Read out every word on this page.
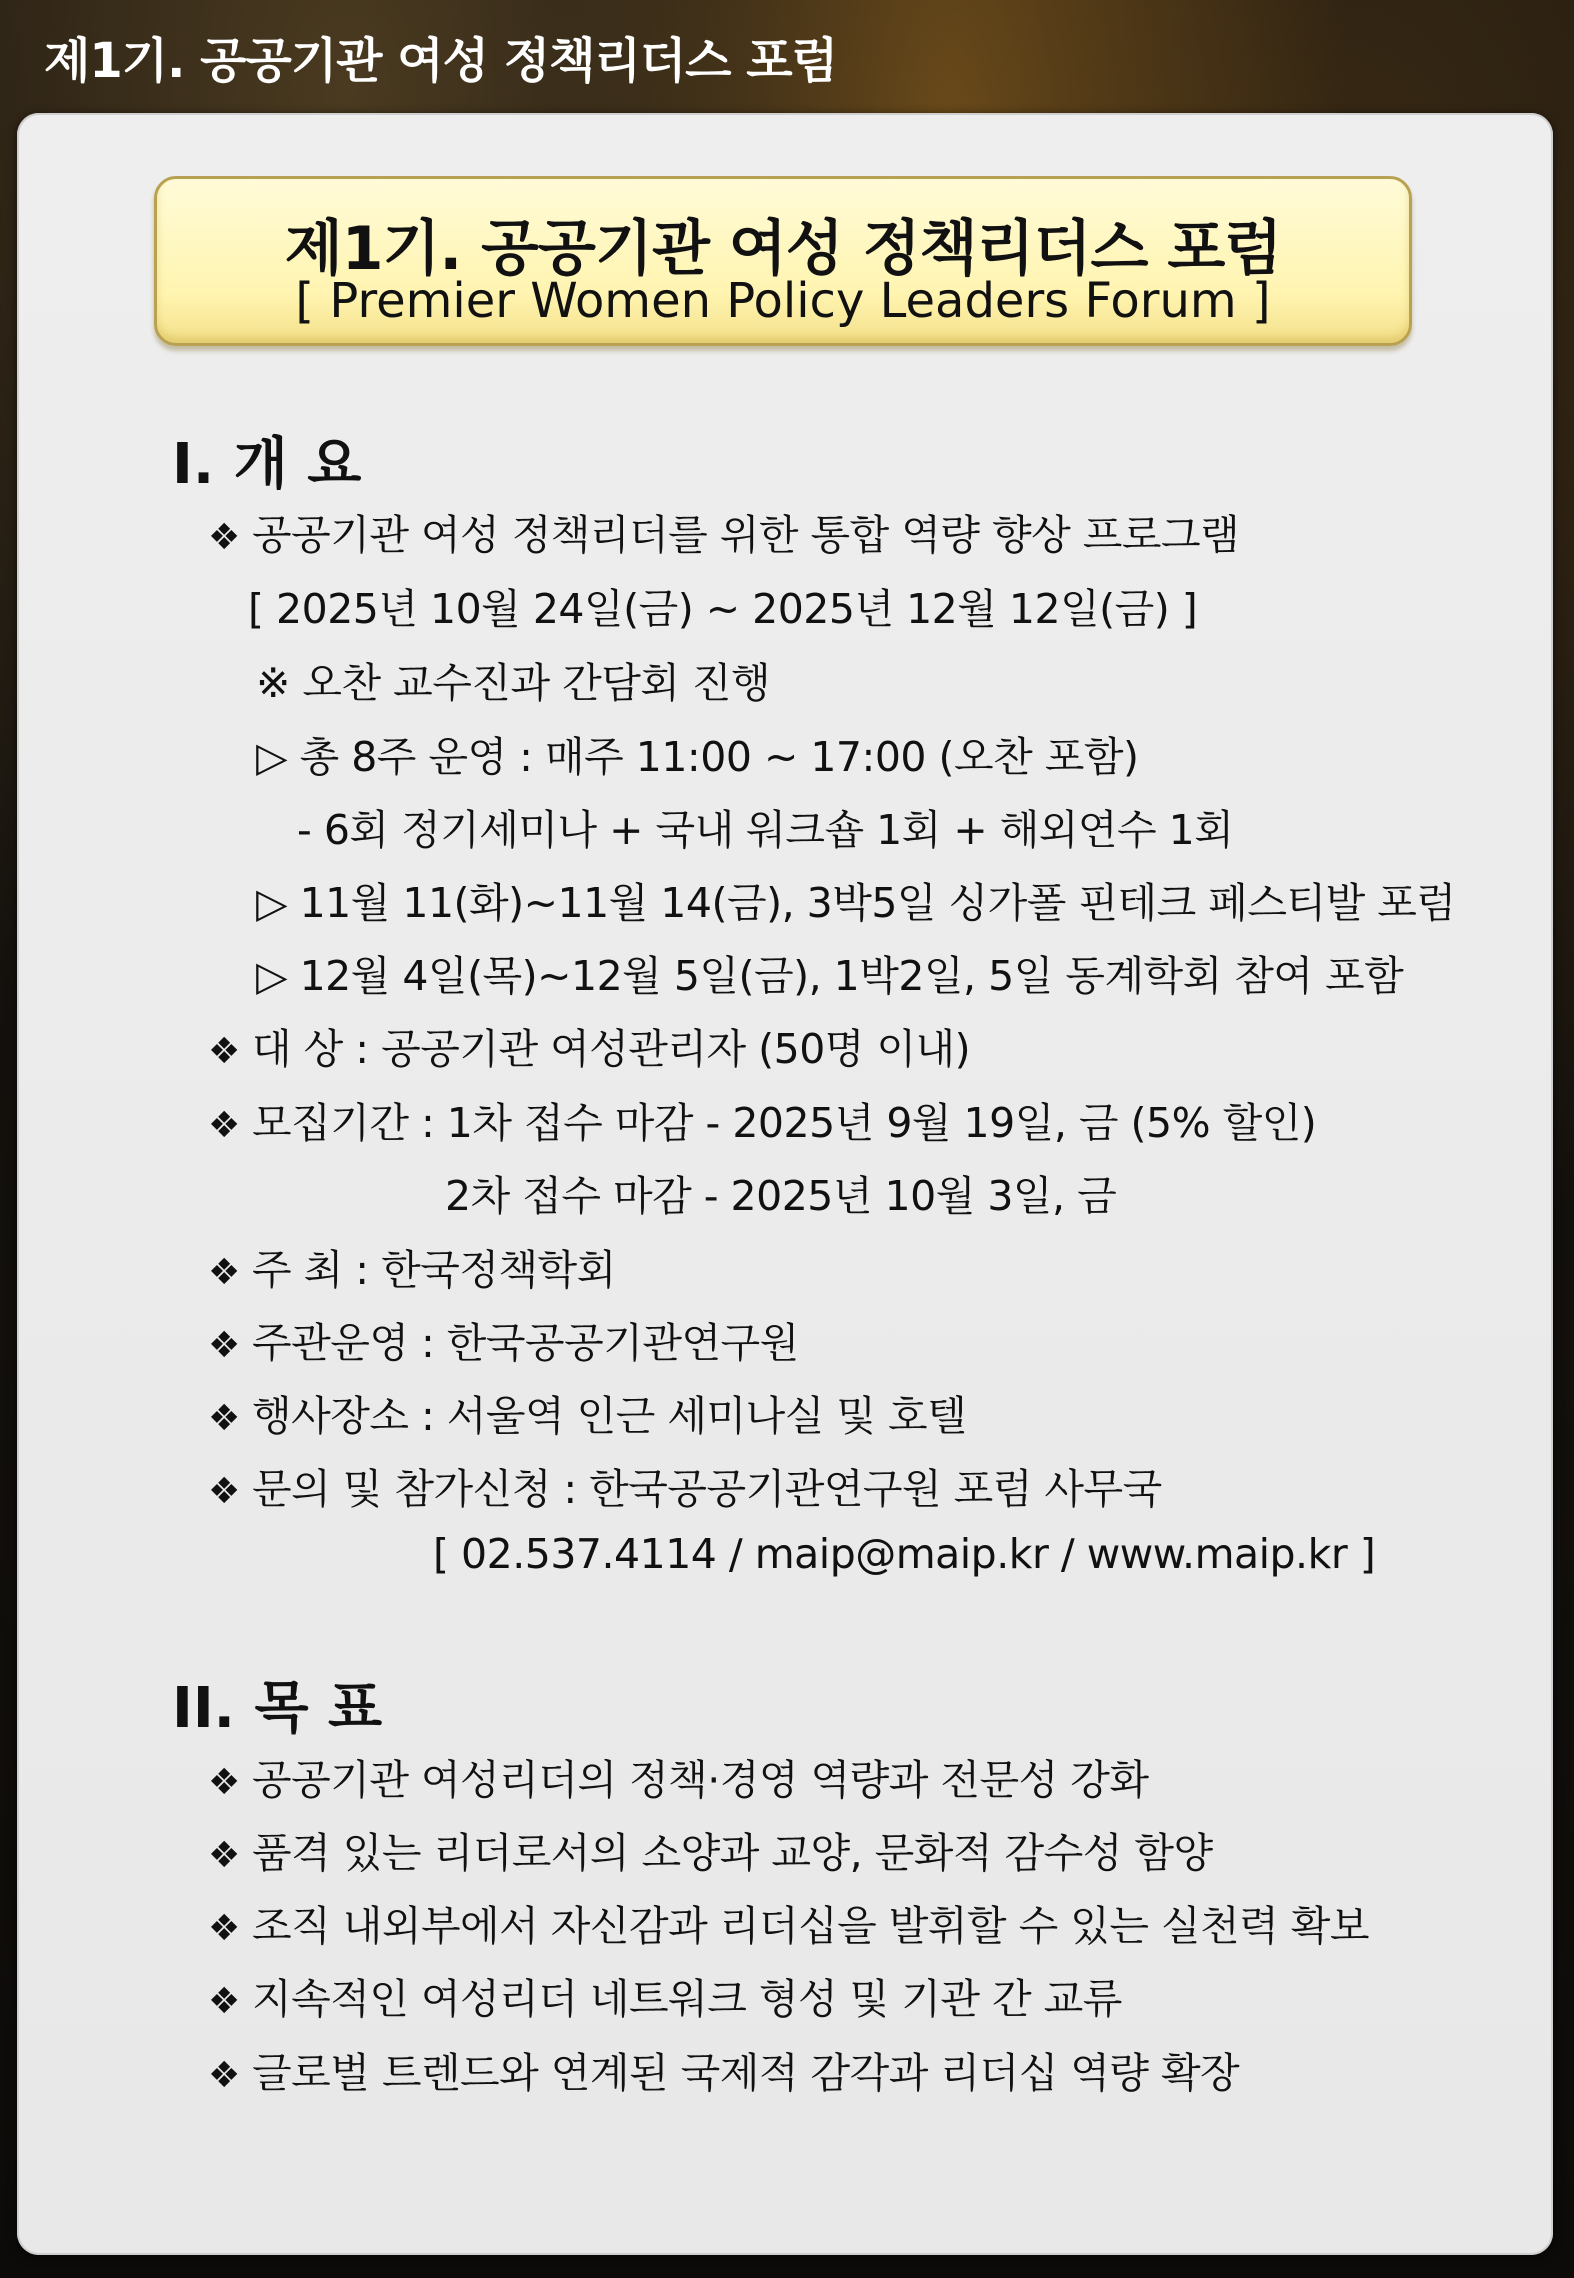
제1기. 공공기관 여성 정책리더스 포럼
제1기. 공공기관 여성 정책리더스 포럼
[ Premier Women Policy Leaders Forum ]
I. 개 요
❖ 공공기관 여성 정책리더를 위한 통합 역량 향상 프로그램
[ 2025년 10월 24일(금) ~ 2025년 12월 12일(금) ]
※ 오찬 교수진과 간담회 진행
▷ 총 8주 운영 : 매주 11:00 ~ 17:00 (오찬 포함)
- 6회 정기세미나 + 국내 워크숍 1회 + 해외연수 1회
▷ 11월 11(화)~11월 14(금), 3박5일 싱가폴 핀테크 페스티발 포럼
▷ 12월 4일(목)~12월 5일(금), 1박2일, 5일 동계학회 참여 포함
❖ 대 상 : 공공기관 여성관리자 (50명 이내)
❖ 모집기간 : 1차 접수 마감 - 2025년 9월 19일, 금 (5% 할인)
2차 접수 마감 - 2025년 10월 3일, 금
❖ 주 최 : 한국정책학회
❖ 주관운영 : 한국공공기관연구원
❖ 행사장소 : 서울역 인근 세미나실 및 호텔
❖ 문의 및 참가신청 : 한국공공기관연구원 포럼 사무국
[ 02.537.4114 / maip@maip.kr / www.maip.kr ]
II. 목 표
❖ 공공기관 여성리더의 정책·경영 역량과 전문성 강화
❖ 품격 있는 리더로서의 소양과 교양, 문화적 감수성 함양
❖ 조직 내외부에서 자신감과 리더십을 발휘할 수 있는 실천력 확보
❖ 지속적인 여성리더 네트워크 형성 및 기관 간 교류
❖ 글로벌 트렌드와 연계된 국제적 감각과 리더십 역량 확장
